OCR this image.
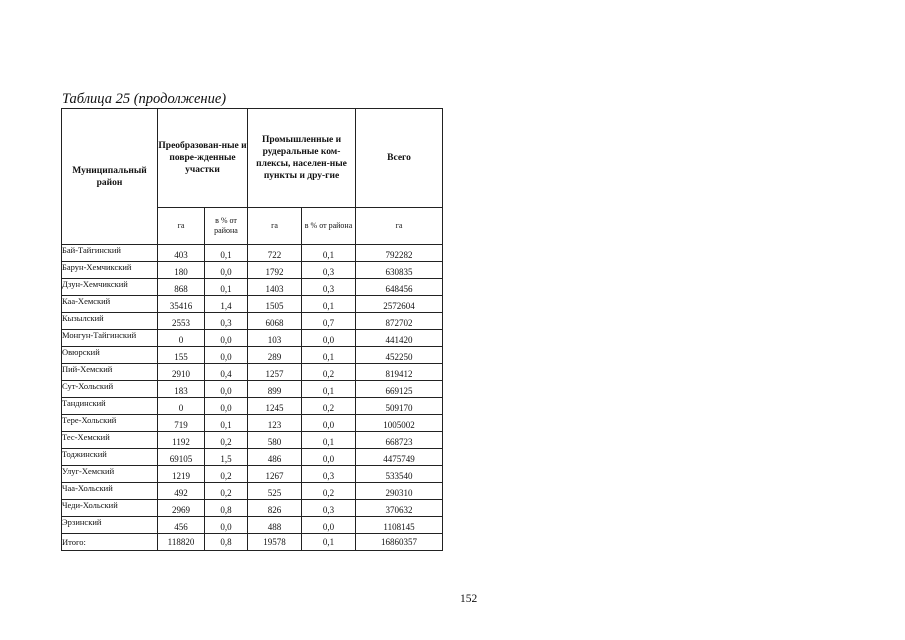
Таблица 25 (продолжение)
Муниципальный район	Преобразован-ные и повре-жденные участки		Промышленные и рудеральные ком-плексы, населен-ные пункты и дру-гие		Всего
	га	в % от района	га	в % от района	га
Бай-Тайгинский	403	0,1	722	0,1	792282
Барун-Хемчикский	180	0,0	1792	0,3	630835
Дзун-Хемчикский	868	0,1	1403	0,3	648456
Каа-Хемский	35416	1,4	1505	0,1	2572604
Кызылский	2553	0,3	6068	0,7	872702
Монгун-Тайгинский	0	0,0	103	0,0	441420
Овюрский	155	0,0	289	0,1	452250
Пий-Хемский	2910	0,4	1257	0,2	819412
Сут-Хольский	183	0,0	899	0,1	669125
Тандинский	0	0,0	1245	0,2	509170
Тере-Хольский	719	0,1	123	0,0	1005002
Тес-Хемский	1192	0,2	580	0,1	668723
Тоджинский	69105	1,5	486	0,0	4475749
Улуг-Хемский	1219	0,2	1267	0,3	533540
Чаа-Хольский	492	0,2	525	0,2	290310
Чеди-Хольский	2969	0,8	826	0,3	370632
Эрзинский	456	0,0	488	0,0	1108145
Итого:	118820	0,8	19578	0,1	16860357
152
